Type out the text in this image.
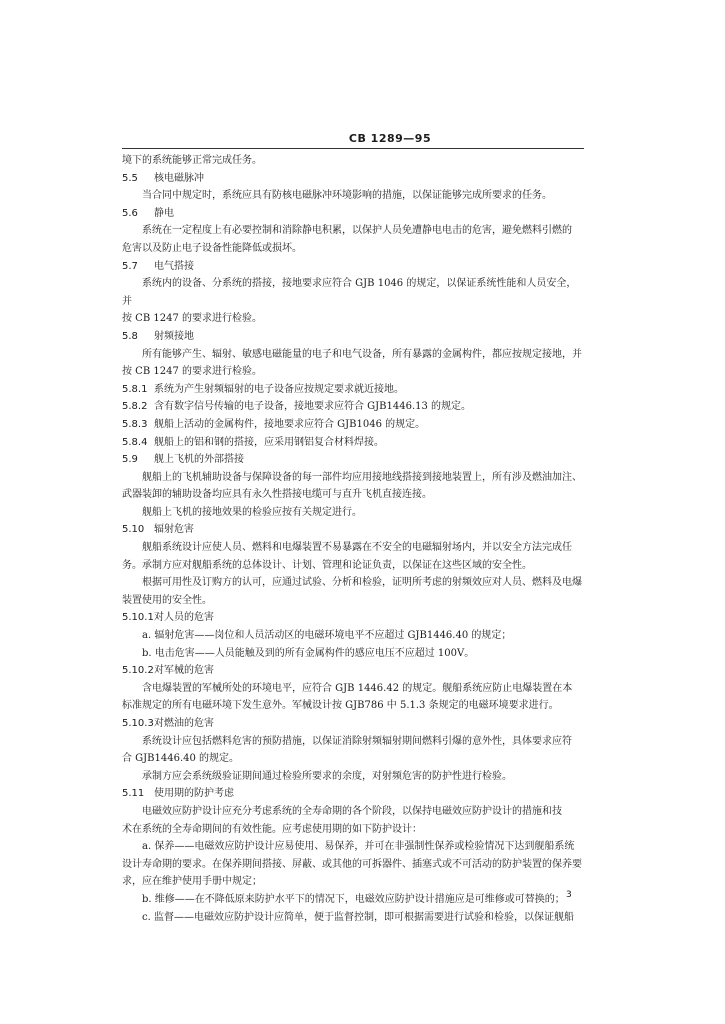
CB 1289—95

境下的系统能够正常完成任务。

5.5 核电磁脉冲

当合同中规定时，系统应具有防核电磁脉冲环境影响的措施，以保证能够完成所要求的任务。

5.6 静电

系统在一定程度上有必要控制和消除静电积累，以保护人员免遭静电电击的危害，避免燃料引燃的

危害以及防止电子设备性能降低或损坏。

5.7 电气搭接

系统内的设备、分系统的搭接，接地要求应符合 GJB 1046 的规定，以保证系统性能和人员安全，并

按 CB 1247 的要求进行检验。

5.8 射频接地

所有能够产生、辐射、敏感电磁能量的电子和电气设备，所有暴露的金属构件，都应按规定接地，并

按 CB 1247 的要求进行检验。

5.8.1 系统为产生射频辐射的电子设备应按规定要求就近接地。

5.8.2 含有数字信号传输的电子设备，接地要求应符合 GJB1446.13 的规定。

5.8.3 舰船上活动的金属构件，接地要求应符合 GJB1046 的规定。

5.8.4 舰船上的铝和钢的搭接，应采用钢铝复合材料焊接。

5.9 舰上飞机的外部搭接

舰船上的飞机辅助设备与保障设备的每一部件均应用接地线搭接到接地装置上，所有涉及燃油加注、

武器装卸的辅助设备均应具有永久性搭接电缆可与直升飞机直接连接。

舰船上飞机的接地效果的检验应按有关规定进行。

5.10 辐射危害

舰船系统设计应使人员、燃料和电爆装置不易暴露在不安全的电磁辐射场内，并以安全方法完成任

务。承制方应对舰船系统的总体设计、计划、管理和论证负责，以保证在这些区域的安全性。

根据可用性及订购方的认可，应通过试验、分析和检验，证明所考虑的射频效应对人员、燃料及电爆

装置使用的安全性。

5.10.1对人员的危害

a. 辐射危害——岗位和人员活动区的电磁环境电平不应超过 GJB1446.40 的规定；

b. 电击危害——人员能触及到的所有金属构件的感应电压不应超过 100V。

5.10.2对军械的危害

含电爆装置的军械所处的环境电平，应符合 GJB 1446.42 的规定。舰船系统应防止电爆装置在本

标准规定的所有电磁环境下发生意外。军械设计按 GJB786 中 5.1.3 条规定的电磁环境要求进行。

5.10.3对燃油的危害

系统设计应包括燃料危害的预防措施，以保证消除射频辐射期间燃料引爆的意外性，具体要求应符

合 GJB1446.40 的规定。

承制方应会系统级验证期间通过检验所要求的余度，对射频危害的防护性进行检验。

5.11 使用期的防护考虑

电磁效应防护设计应充分考虑系统的全寿命期的各个阶段，以保持电磁效应防护设计的措施和技

术在系统的全寿命期间的有效性能。应考虑使用期的如下防护设计：

a. 保养——电磁效应防护设计应易使用、易保养，并可在非强制性保养或检验情况下达到舰船系统

设计寿命期的要求。在保养期间搭接、屏蔽、或其他的可拆器件、插塞式或不可活动的防护装置的保养要

求，应在维护使用手册中规定；

b. 维修——在不降低原来防护水平下的情况下，电磁效应防护设计措施应是可维修或可替换的；

c. 监督——电磁效应防护设计应简单，便于监督控制，即可根据需要进行试验和检验，以保证舰船

3
